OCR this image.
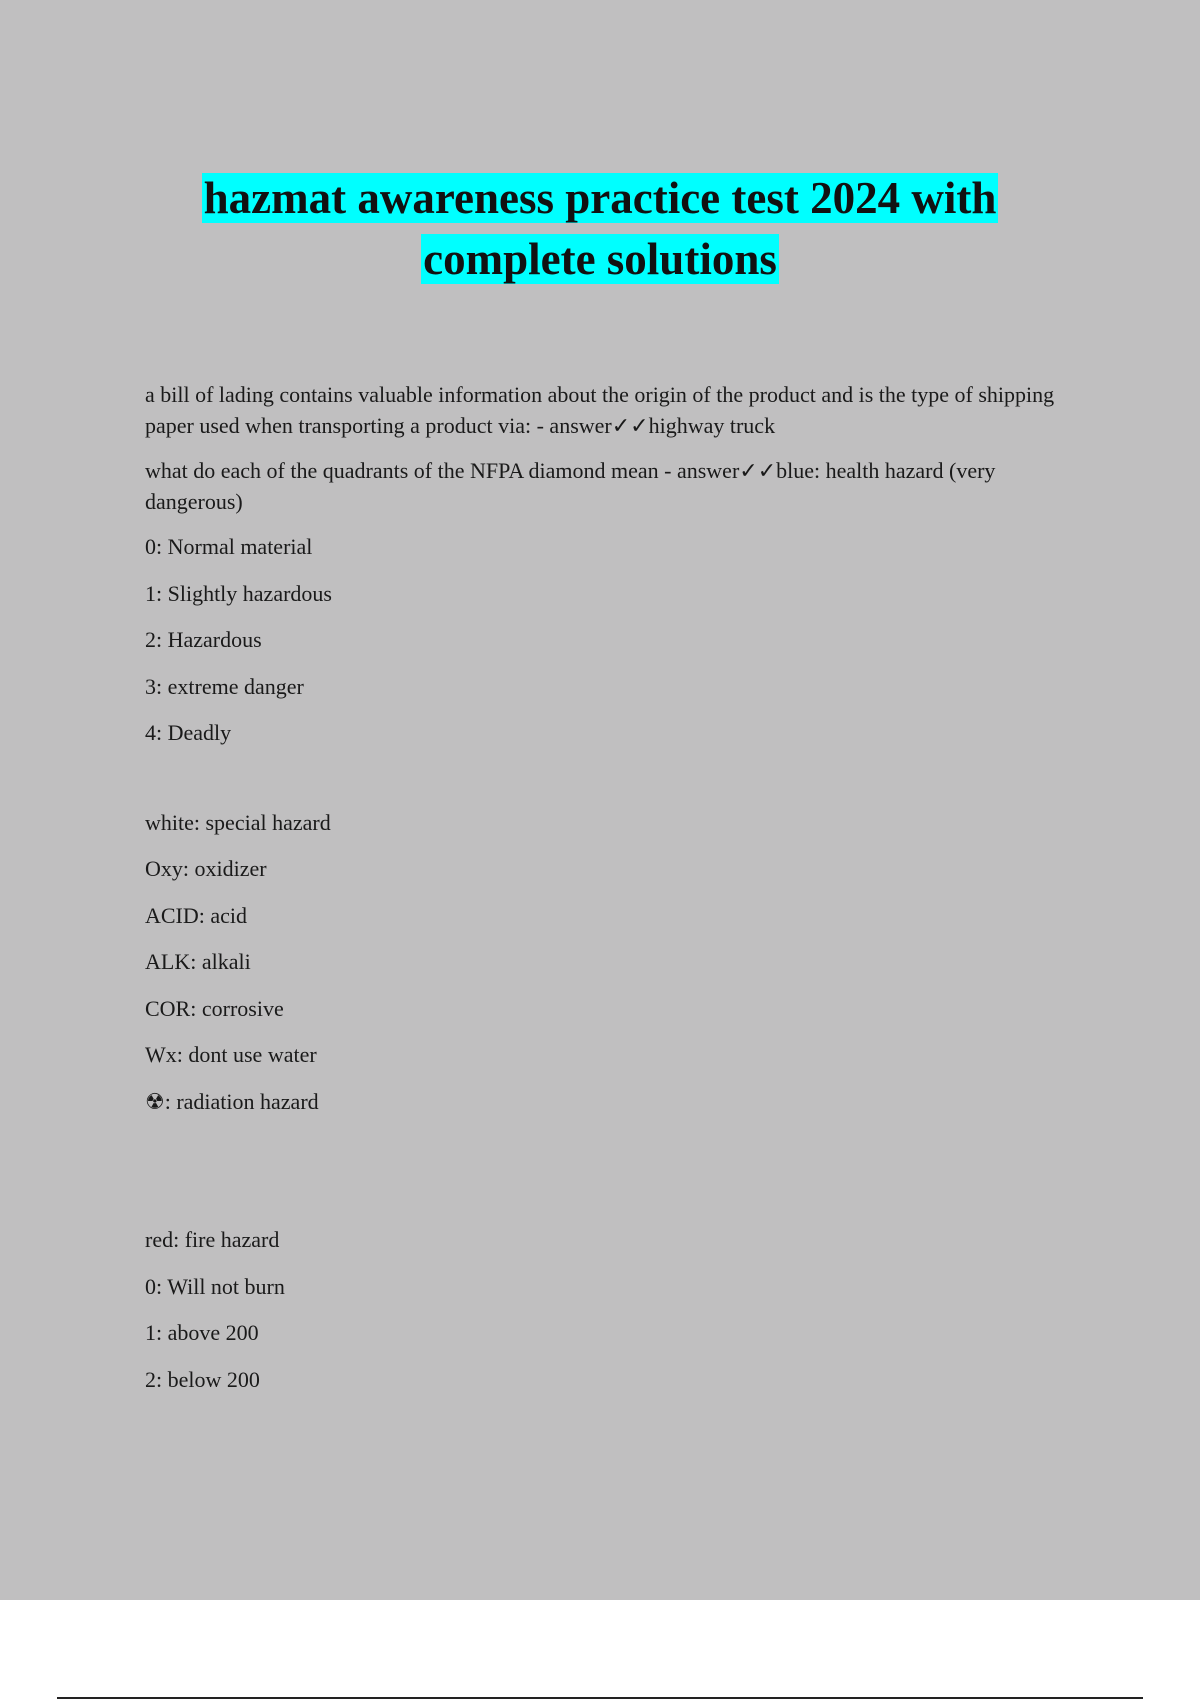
hazmat awareness practice test 2024 with
complete solutions

a bill of lading contains valuable information about the origin of the product and is the type of shipping paper used when transporting a product via: - answer✓✓highway truck

what do each of the quadrants of the NFPA diamond mean - answer✓✓blue: health hazard (very dangerous)

0: Normal material
1: Slightly hazardous
2: Hazardous
3: extreme danger
4: Deadly
white: special hazard
Oxy: oxidizer
ACID: acid
ALK: alkali
COR: corrosive
Wx: dont use water
☢: radiation hazard
red: fire hazard
0: Will not burn
1: above 200
2: below 200
